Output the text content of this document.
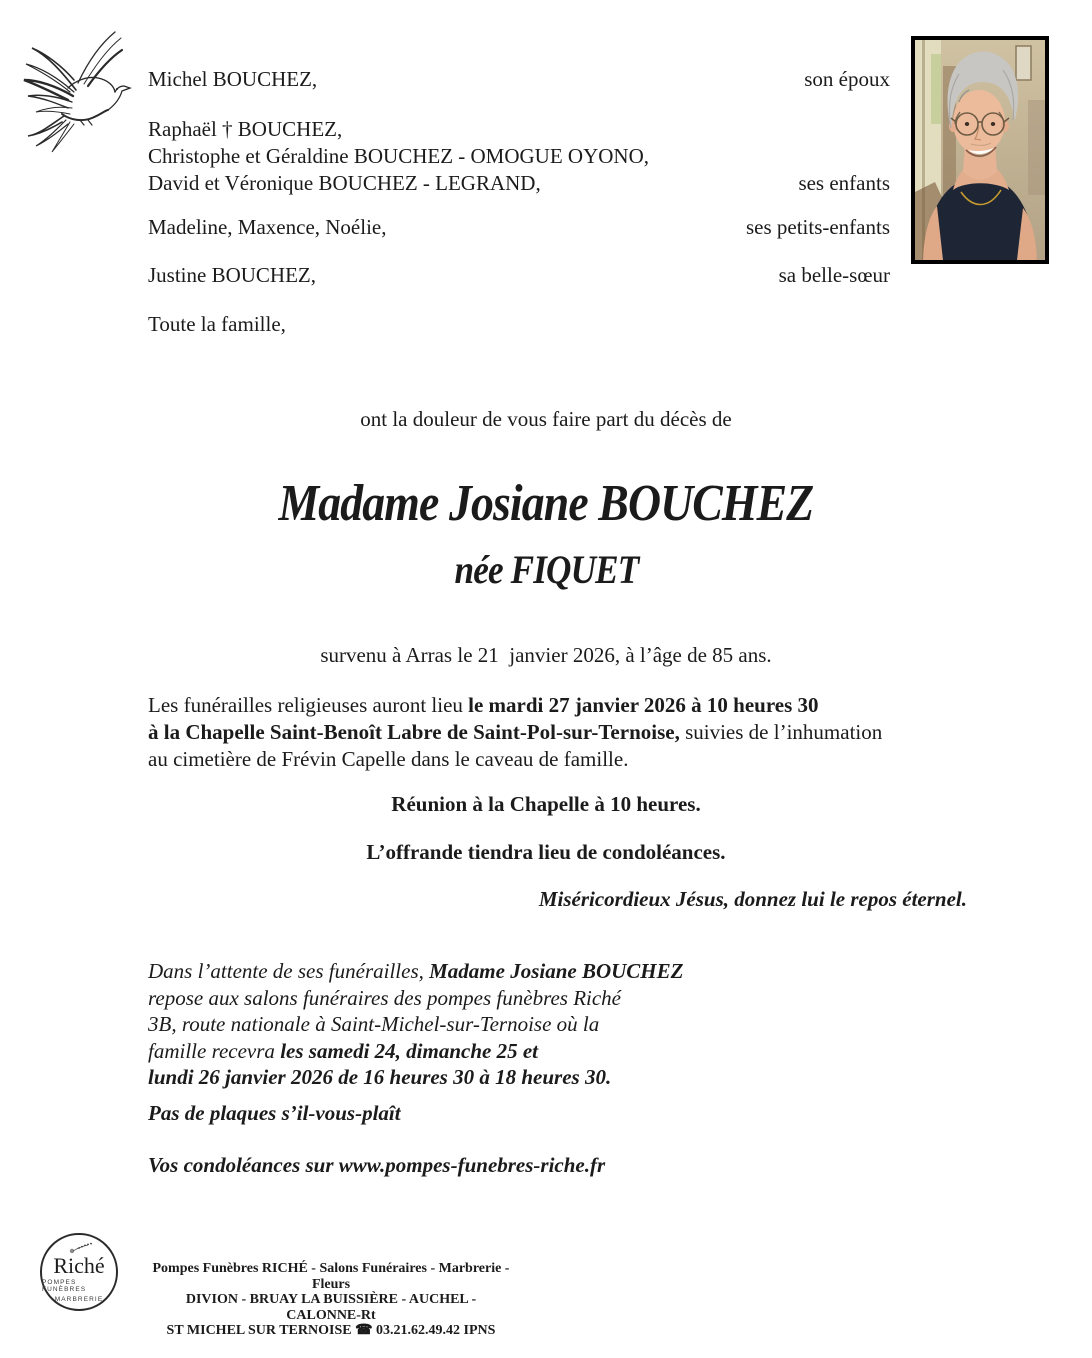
Michel BOUCHEZ,	son époux
Raphaël † BOUCHEZ,
Christophe et Géraldine BOUCHEZ - OMOGUE OYONO,
David et Véronique BOUCHEZ - LEGRAND,	ses enfants
Madeline, Maxence, Noélie,	ses petits-enfants
Justine BOUCHEZ,	sa belle-sœur
Toute la famille,
ont la douleur de vous faire part du décès de
Madame Josiane BOUCHEZ
née FIQUET
survenu à Arras le 21  janvier 2026, à l’âge de 85 ans.
Les funérailles religieuses auront lieu le mardi 27 janvier 2026 à 10 heures 30
à la Chapelle Saint-Benoît Labre de Saint-Pol-sur-Ternoise, suivies de l’inhumation
au cimetière de Frévin Capelle dans le caveau de famille.
Réunion à la Chapelle à 10 heures.
L’offrande tiendra lieu de condoléances.
Miséricordieux Jésus, donnez lui le repos éternel.
Dans l’attente de ses funérailles, Madame Josiane BOUCHEZ
repose aux salons funéraires des pompes funèbres Riché
3B, route nationale à Saint-Michel-sur-Ternoise où la
famille recevra les samedi 24, dimanche 25 et
lundi 26 janvier 2026 de 16 heures 30 à 18 heures 30.
Pas de plaques s’il-vous-plaît
Vos condoléances sur www.pompes-funebres-riche.fr
Riché
POMPES FUNÈBRES
MARBRERIE
Pompes Funèbres RICHÉ - Salons Funéraires - Marbrerie - Fleurs
DIVION - BRUAY LA BUISSIÈRE - AUCHEL - CALONNE-Rt
ST MICHEL SUR TERNOISE ☎ 03.21.62.49.42 IPNS
